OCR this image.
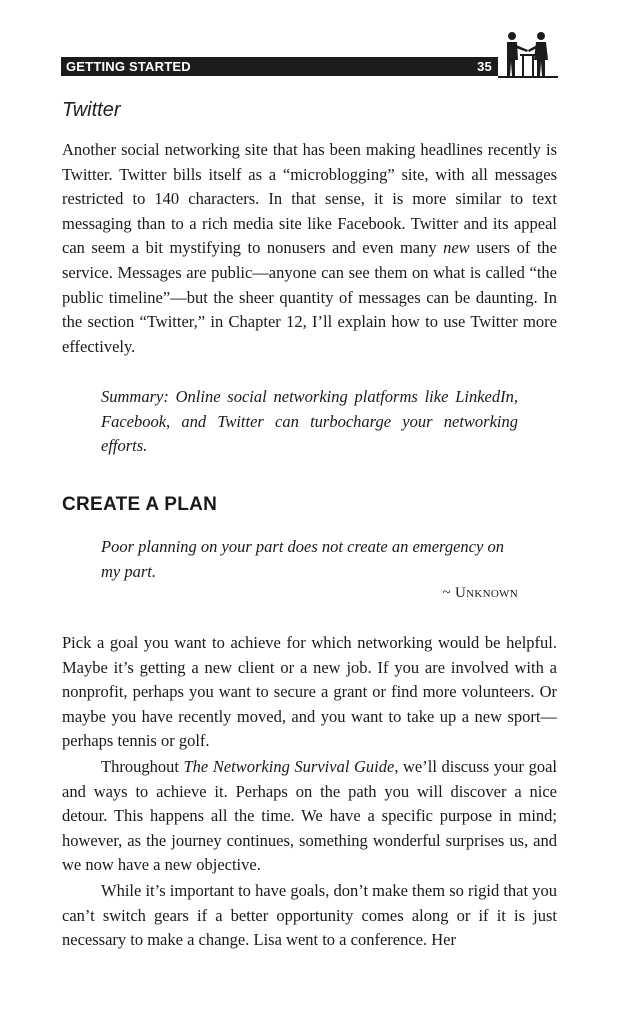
GETTING STARTED	35
Twitter

Another social networking site that has been making headlines recently is Twitter. Twitter bills itself as a “microblogging” site, with all messages restricted to 140 characters. In that sense, it is more similar to text messaging than to a rich media site like Facebook. Twitter and its appeal can seem a bit mystifying to nonusers and even many new users of the service. Messages are public—anyone can see them on what is called “the public timeline”—but the sheer quantity of messages can be daunting. In the section “Twitter,” in Chapter 12, I’ll explain how to use Twitter more effectively.

Summary: Online social networking platforms like LinkedIn, Facebook, and Twitter can turbocharge your networking efforts.

CREATE A PLAN

Poor planning on your part does not create an emergency on my part.

~ Unknown

Pick a goal you want to achieve for which networking would be helpful. Maybe it’s getting a new client or a new job. If you are involved with a nonprofit, perhaps you want to secure a grant or find more volunteers. Or maybe you have recently moved, and you want to take up a new sport—perhaps tennis or golf.

Throughout The Networking Survival Guide, we’ll discuss your goal and ways to achieve it. Perhaps on the path you will discover a nice detour. This happens all the time. We have a specific purpose in mind; however, as the journey continues, something wonderful surprises us, and we now have a new objective.

While it’s important to have goals, don’t make them so rigid that you can’t switch gears if a better opportunity comes along or if it is just necessary to make a change. Lisa went to a conference. Her
